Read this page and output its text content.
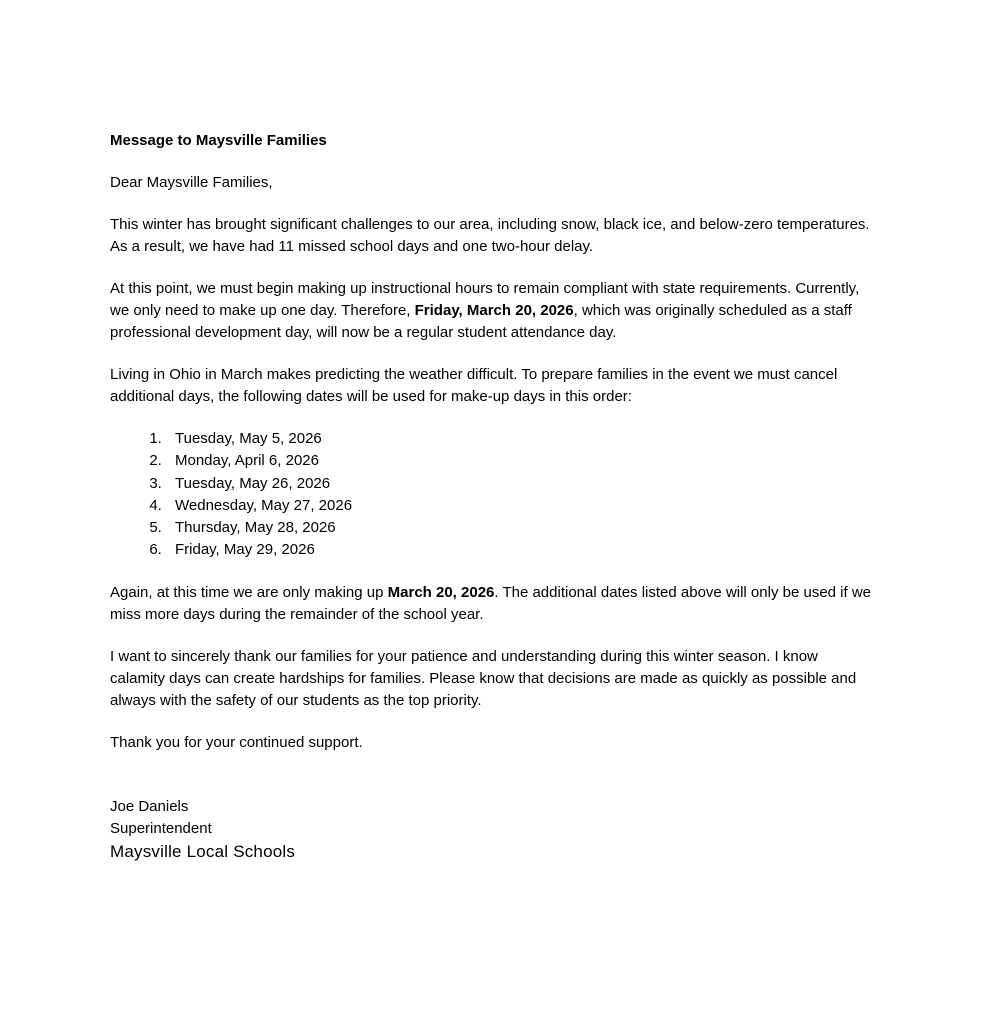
Message to Maysville Families

Dear Maysville Families,

This winter has brought significant challenges to our area, including snow, black ice, and below-zero temperatures. As a result, we have had 11 missed school days and one two-hour delay.

At this point, we must begin making up instructional hours to remain compliant with state requirements. Currently, we only need to make up one day. Therefore, Friday, March 20, 2026, which was originally scheduled as a staff professional development day, will now be a regular student attendance day.

Living in Ohio in March makes predicting the weather difficult. To prepare families in the event we must cancel additional days, the following dates will be used for make-up days in this order:

1. Tuesday, May 5, 2026
2. Monday, April 6, 2026
3. Tuesday, May 26, 2026
4. Wednesday, May 27, 2026
5. Thursday, May 28, 2026
6. Friday, May 29, 2026

Again, at this time we are only making up March 20, 2026. The additional dates listed above will only be used if we miss more days during the remainder of the school year.

I want to sincerely thank our families for your patience and understanding during this winter season. I know calamity days can create hardships for families. Please know that decisions are made as quickly as possible and always with the safety of our students as the top priority.

Thank you for your continued support.

Joe Daniels
Superintendent
Maysville Local Schools
